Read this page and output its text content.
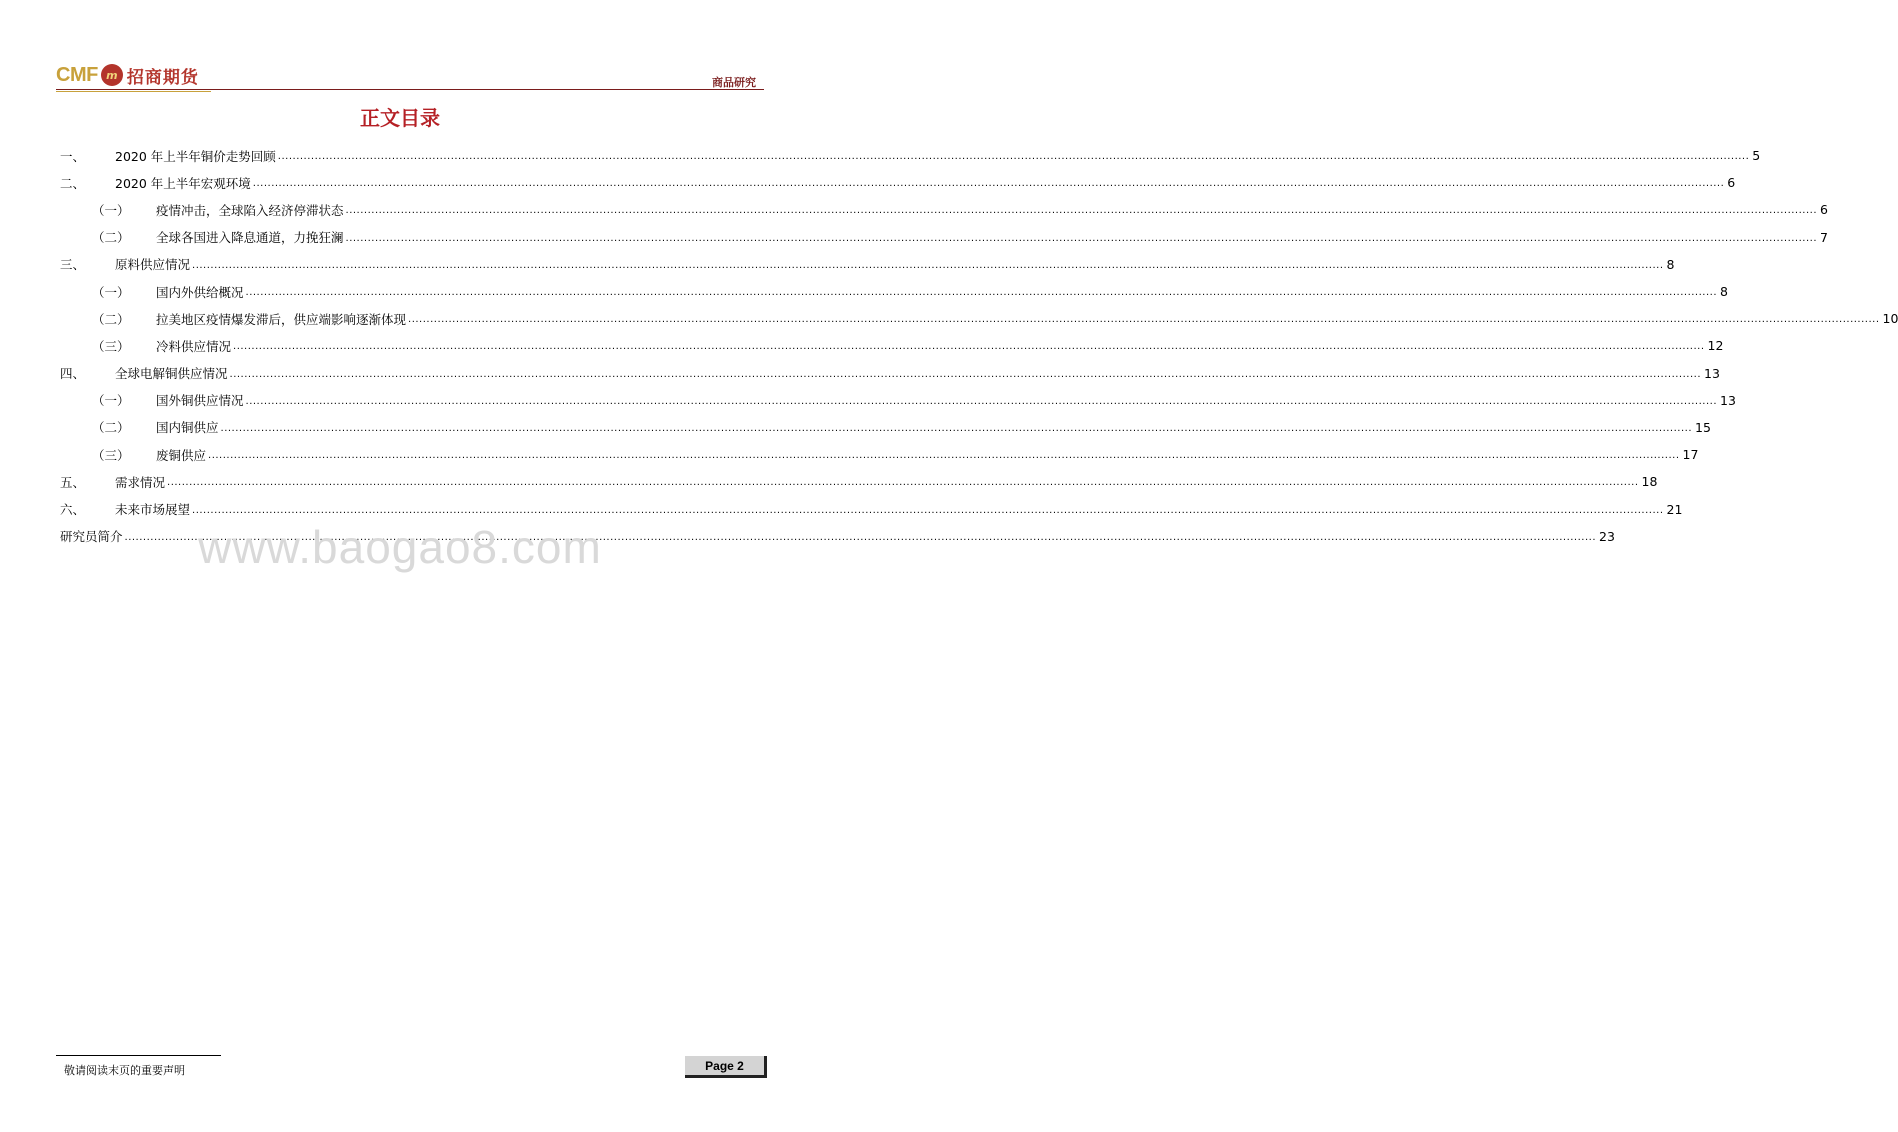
CMF m 招商期货	商品研究
正文目录
一、 2020 年上半年铜价走势回顾 ................................................................................................................................................................................................................................................................................................................................................................................................................ 5
二、 2020 年上半年宏观环境 ................................................................................................................................................................................................................................................................................................................................................................................................................ 6
（一） 疫情冲击，全球陷入经济停滞状态 ................................................................................................................................................................................................................................................................................................................................................................................................................ 6
（二） 全球各国进入降息通道，力挽狂澜 ................................................................................................................................................................................................................................................................................................................................................................................................................ 7
三、 原料供应情况 ................................................................................................................................................................................................................................................................................................................................................................................................................ 8
（一） 国内外供给概况 ................................................................................................................................................................................................................................................................................................................................................................................................................ 8
（二） 拉美地区疫情爆发滞后，供应端影响逐渐体现 ................................................................................................................................................................................................................................................................................................................................................................................................................ 10
（三） 冷料供应情况 ................................................................................................................................................................................................................................................................................................................................................................................................................ 12
四、 全球电解铜供应情况 ................................................................................................................................................................................................................................................................................................................................................................................................................ 13
（一） 国外铜供应情况 ................................................................................................................................................................................................................................................................................................................................................................................................................ 13
（二） 国内铜供应 ................................................................................................................................................................................................................................................................................................................................................................................................................ 15
（三） 废铜供应 ................................................................................................................................................................................................................................................................................................................................................................................................................ 17
五、 需求情况 ................................................................................................................................................................................................................................................................................................................................................................................................................ 18
六、 未来市场展望 ................................................................................................................................................................................................................................................................................................................................................................................................................ 21
研究员简介 ................................................................................................................................................................................................................................................................................................................................................................................................................ 23
www.baogao8.com
敬请阅读末页的重要声明	Page 2
